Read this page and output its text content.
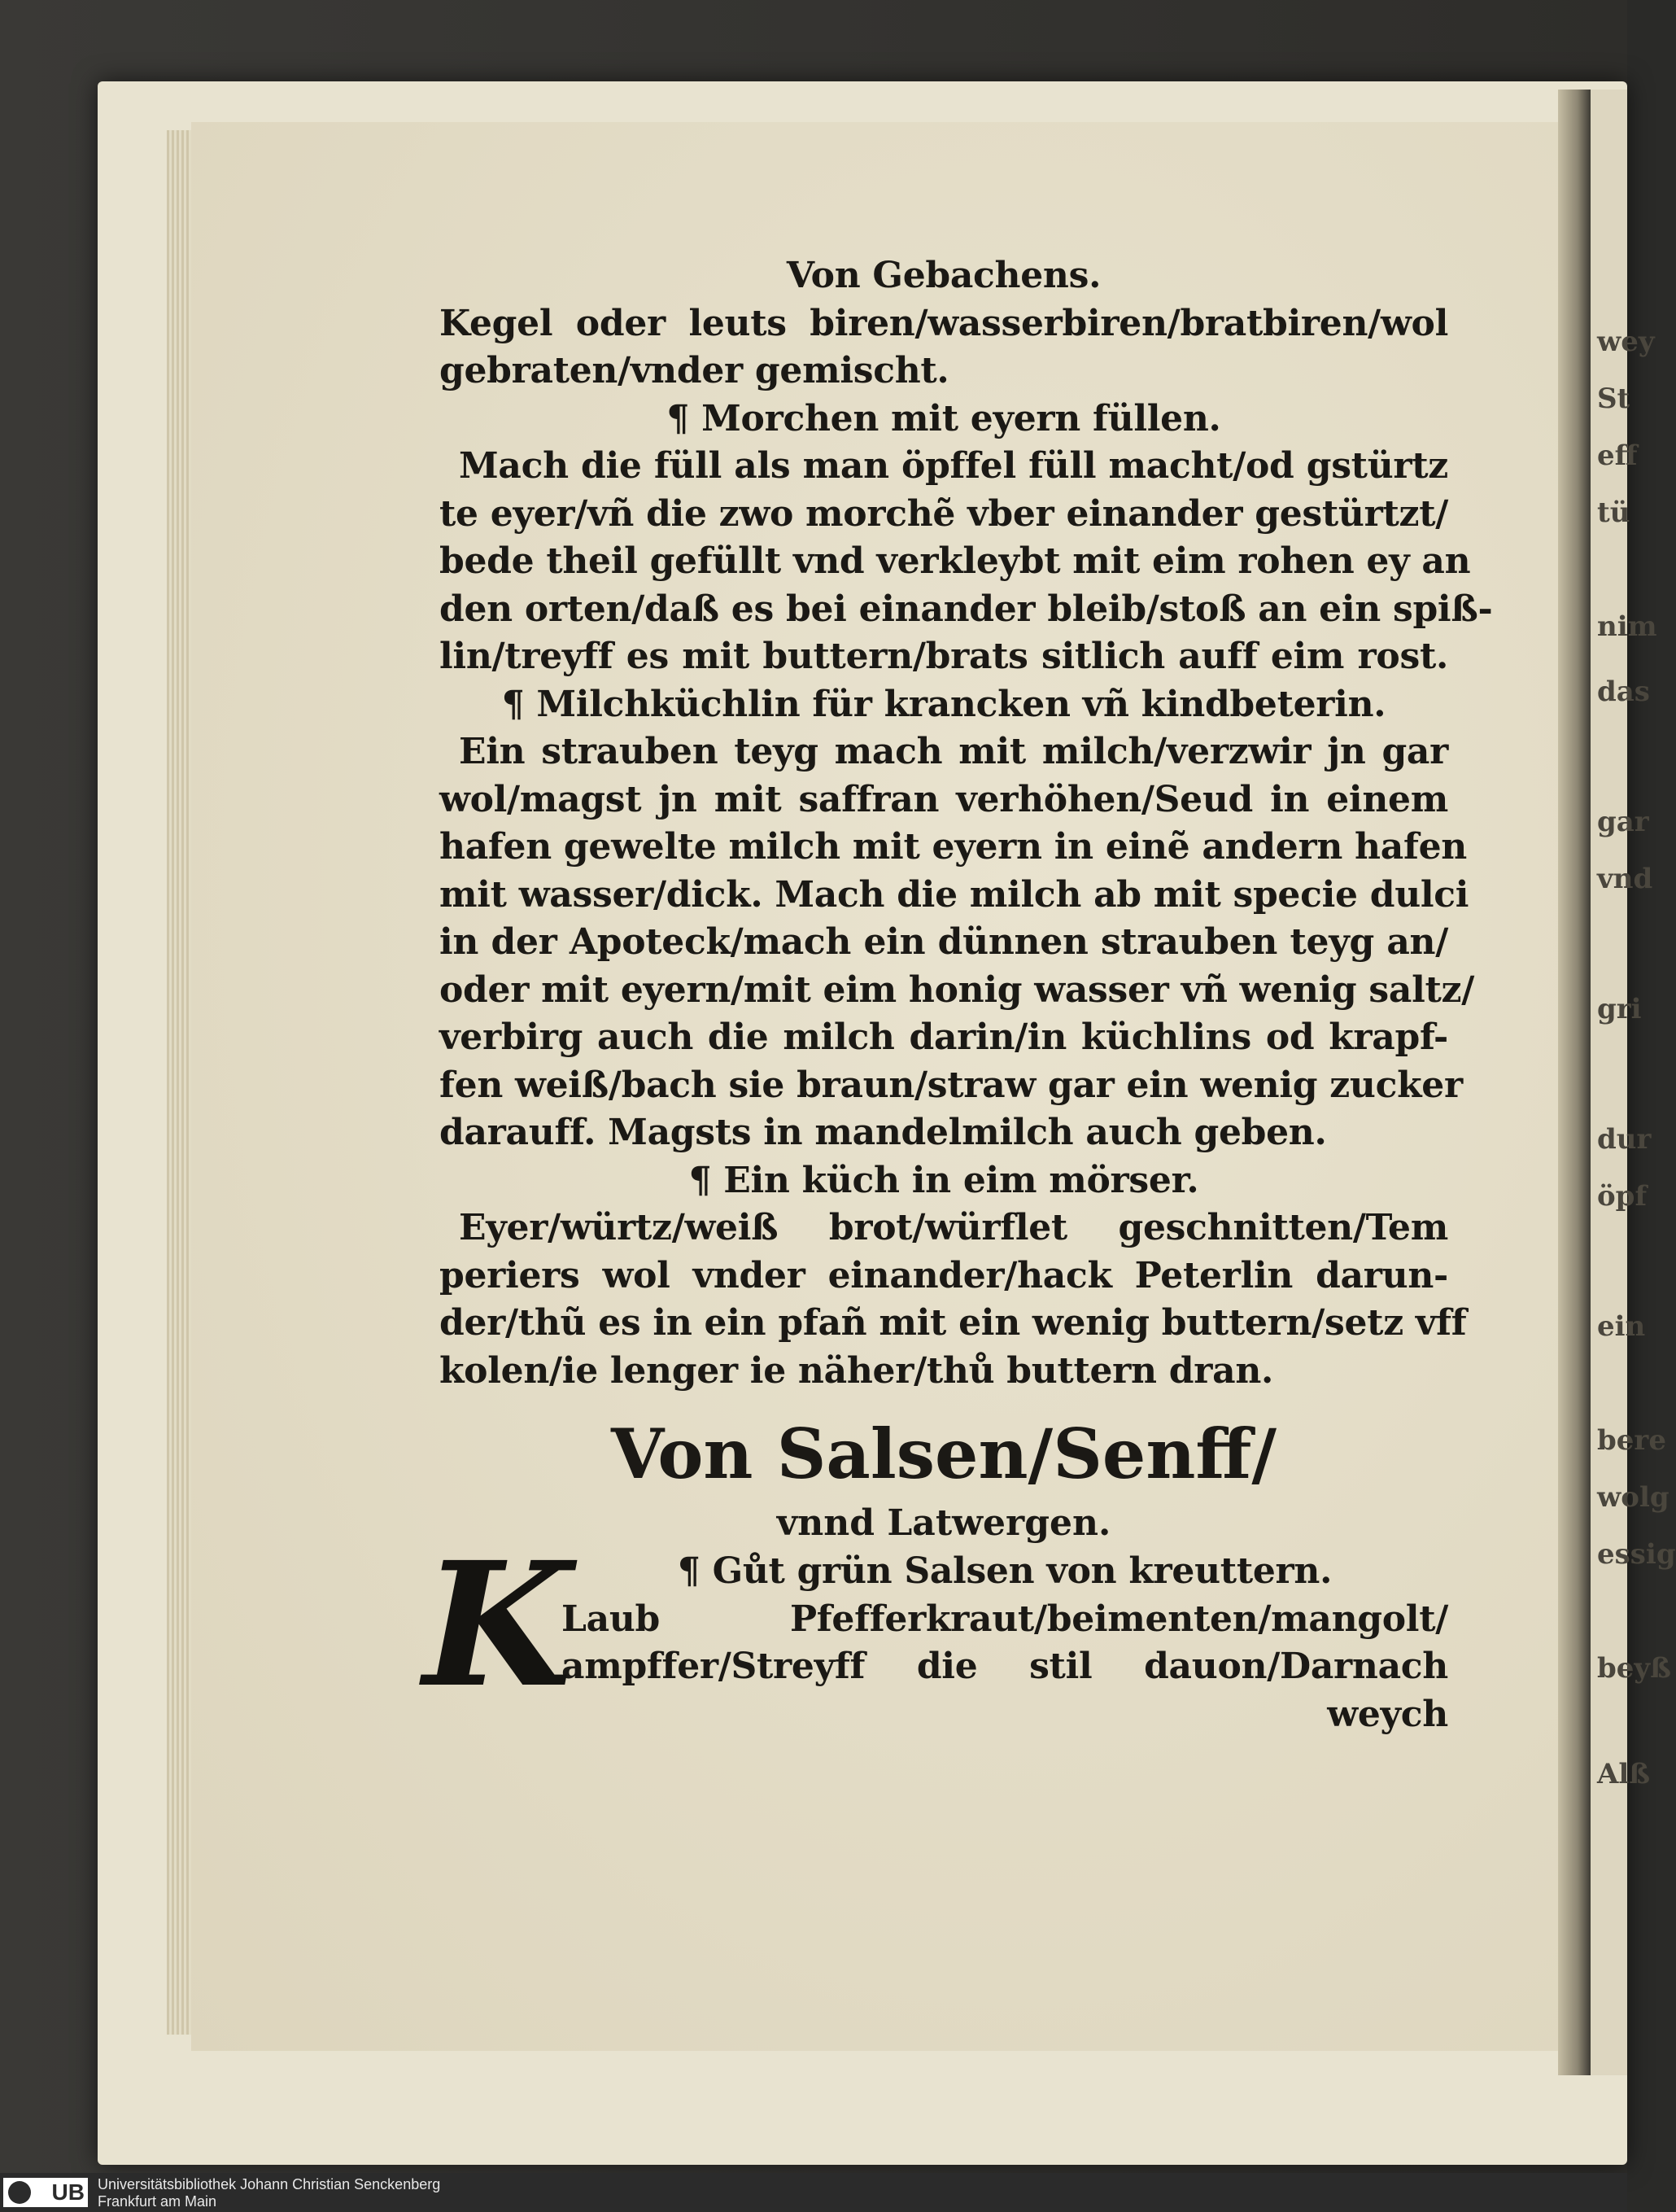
wey
St
eff
tü
nim
das
gar
vnd
gri
dur
öpf
ein
bere
wolg
essig
beyß
Alß
Von Gebachens.
Kegel oder leuts biren/wasserbiren/bratbiren/wol
gebraten/vnder gemischt.
¶ Morchen mit eyern füllen.
Mach die füll als man öpffel füll macht/od gstürtz
te eyer/vñ die zwo morchẽ vber einander gestürtzt/
bede theil gefüllt vnd verkleybt mit eim rohen ey an
den orten/daß es bei einander bleib/stoß an ein spiß-
lin/treyff es mit buttern/brats sitlich auff eim rost.
¶ Milchküchlin für krancken vñ kindbeterin.
Ein strauben teyg mach mit milch/verzwir jn gar
wol/magst jn mit saffran verhöhen/Seud in einem
hafen gewelte milch mit eyern in einẽ andern hafen
mit wasser/dick. Mach die milch ab mit specie dulci
in der Apoteck/mach ein dünnen strauben teyg an/
oder mit eyern/mit eim honig wasser vñ wenig saltz/
verbirg auch die milch darin/in küchlins od krapf-
fen weiß/bach sie braun/straw gar ein wenig zucker
darauff. Magsts in mandelmilch auch geben.
¶ Ein küch in eim mörser.
Eyer/würtz/weiß brot/würflet geschnitten/Tem
periers wol vnder einander/hack Peterlin darun-
der/thũ es in ein pfañ mit ein wenig buttern/setz vff
kolen/ie lenger ie näher/thů buttern dran.
Von Salsen/Senff/
vnnd Latwergen.
K	¶ Gůt grün Salsen von kreuttern.
Laub Pfefferkraut/beimenten/mangolt/
ampffer/Streyff die stil dauon/Darnach
weych
UB Universitätsbibliothek Johann Christian Senckenberg
Frankfurt am Main
